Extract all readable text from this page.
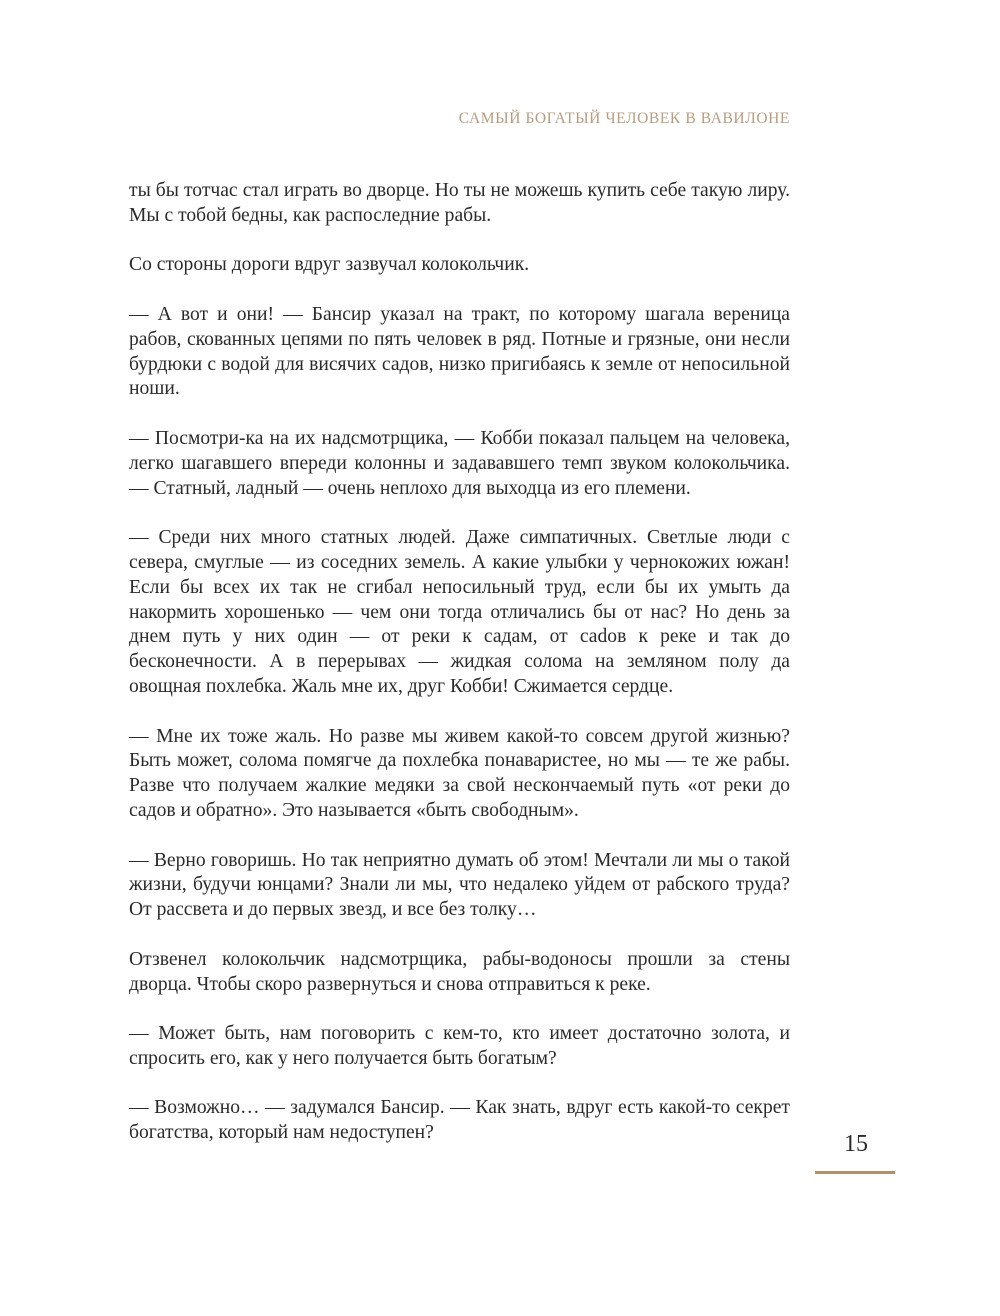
САМЫЙ БОГАТЫЙ ЧЕЛОВЕК В ВАВИЛОНЕ

ты бы тотчас стал играть во дворце. Но ты не можешь купить себе такую лиру. Мы с тобой бедны, как распоследние рабы.

Со стороны дороги вдруг зазвучал колокольчик.

— А вот и они! — Бансир указал на тракт, по которому шагала вереница рабов, скованных цепями по пять человек в ряд. Потные и грязные, они несли бурдюки с водой для висячих садов, низко пригибаясь к земле от непосильной ноши.

— Посмотри-ка на их надсмотрщика, — Кобби показал пальцем на человека, легко шагавшего впереди колонны и задававшего темп звуком колокольчика. — Статный, ладный — очень неплохо для выходца из его племени.

— Среди них много статных людей. Даже симпатичных. Светлые люди с севера, смуглые — из соседних земель. А какие улыбки у чернокожих южан! Если бы всех их так не сгибал непосильный труд, если бы их умыть да накормить хорошенько — чем они тогда отличались бы от нас? Но день за днем путь у них один — от реки к садам, от саdов к реке и так до бесконечности. А в перерывах — жидкая солома на земляном полу да овощная похлебка. Жаль мне их, друг Кобби! Сжимается сердце.

— Мне их тоже жаль. Но разве мы живем какой-то совсем другой жизнью? Быть может, солома помягче да похлебка понаваристее, но мы — те же рабы. Разве что получаем жалкие медяки за свой нескончаемый путь «от реки до садов и обратно». Это называется «быть свободным».

— Верно говоришь. Но так неприятно думать об этом! Мечтали ли мы о такой жизни, будучи юнцами? Знали ли мы, что недалеко уйдем от рабского труда? От рассвета и до первых звезд, и все без толку…

Отзвенел колокольчик надсмотрщика, рабы-водоносы прошли за стены дворца. Чтобы скоро развернуться и снова отправиться к реке.

— Может быть, нам поговорить с кем-то, кто имеет достаточно золота, и спросить его, как у него получается быть богатым?

— Возможно… — задумался Бансир. — Как знать, вдруг есть какой-то секрет богатства, который нам недоступен?	15
